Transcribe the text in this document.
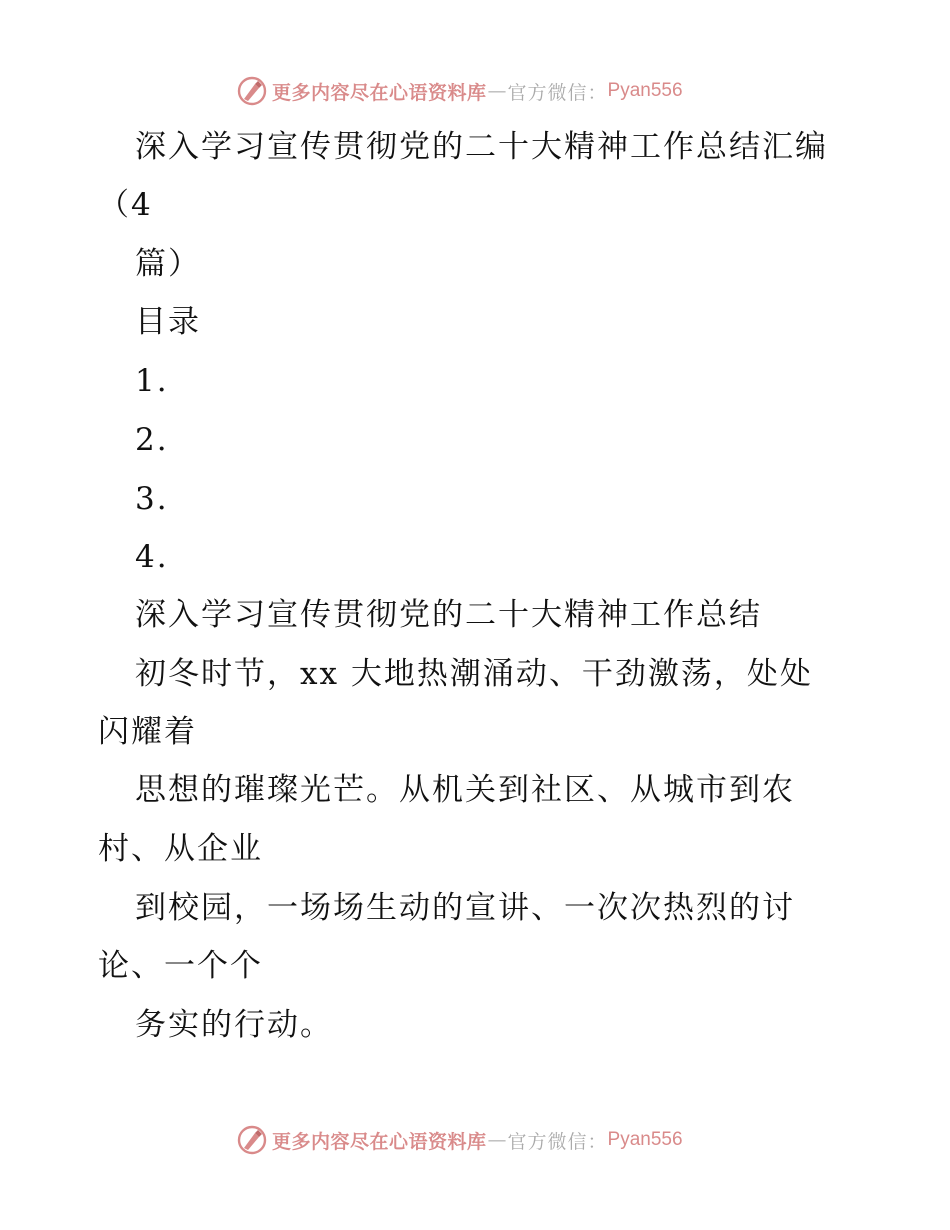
更多内容尽在心语资料库 — 官方微信： Pyan556
深入学习宣传贯彻党的二十大精神工作总结汇编
（4
篇）
目录
1.
2.
3.
4.
深入学习宣传贯彻党的二十大精神工作总结
初冬时节，xx 大地热潮涌动、干劲激荡，处处
闪耀着
思想的璀璨光芒。从机关到社区、从城市到农
村、从企业
到校园，一场场生动的宣讲、一次次热烈的讨
论、一个个
务实的行动。
更多内容尽在心语资料库 — 官方微信： Pyan556
